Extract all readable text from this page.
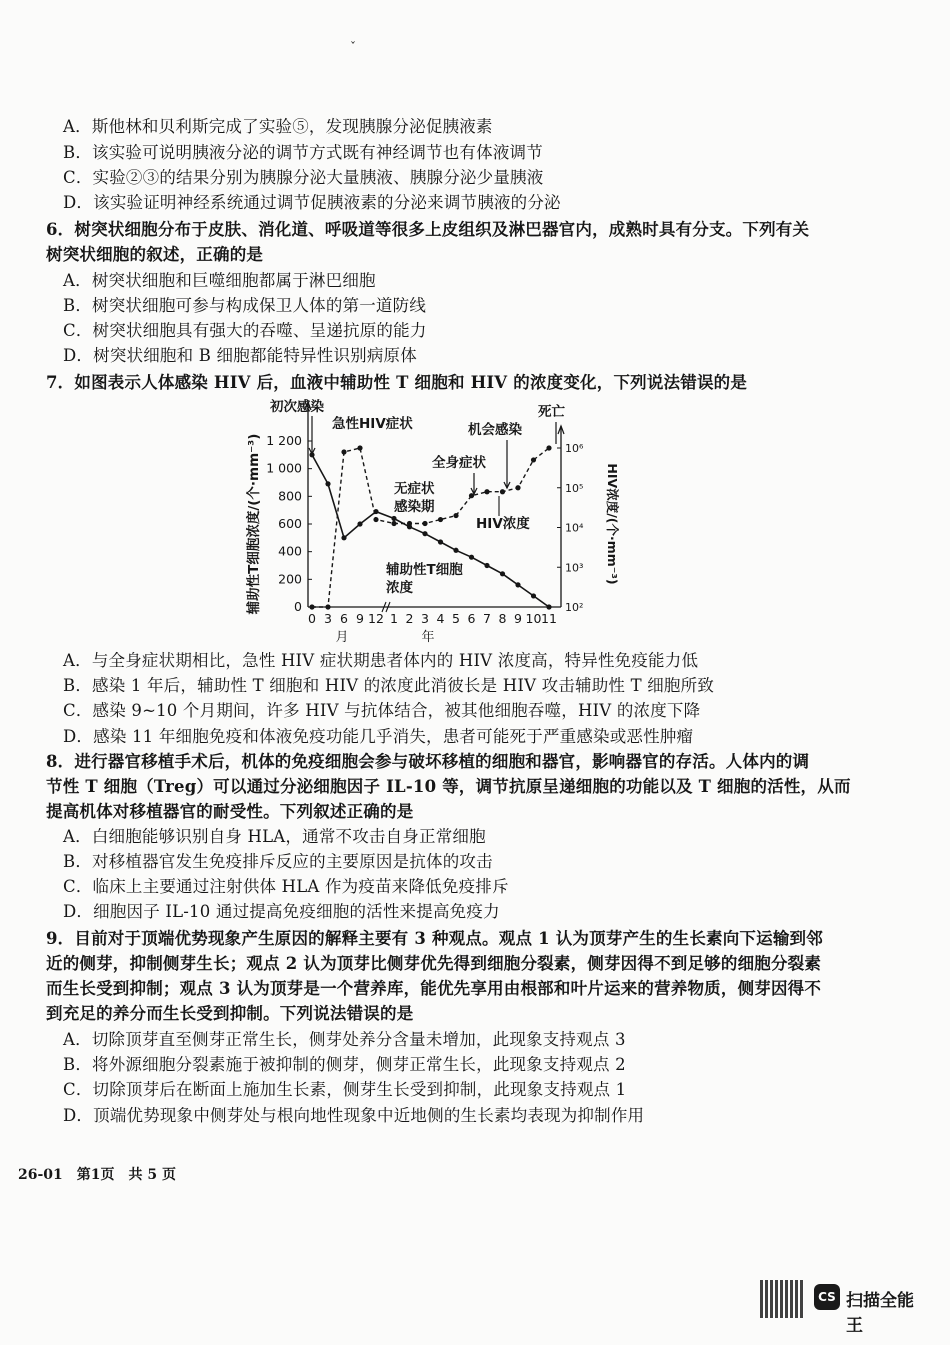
ˇ
A．斯他林和贝利斯完成了实验⑤，发现胰腺分泌促胰液素
B．该实验可说明胰液分泌的调节方式既有神经调节也有体液调节
C．实验②③的结果分别为胰腺分泌大量胰液、胰腺分泌少量胰液
D．该实验证明神经系统通过调节促胰液素的分泌来调节胰液的分泌
6．树突状细胞分布于皮肤、消化道、呼吸道等很多上皮组织及淋巴器官内，成熟时具有分支。下列有关
树突状细胞的叙述，正确的是
A．树突状细胞和巨噬细胞都属于淋巴细胞
B．树突状细胞可参与构成保卫人体的第一道防线
C．树突状细胞具有强大的吞噬、呈递抗原的能力
D．树突状细胞和 B 细胞都能特异性识别病原体
7．如图表示人体感染 HIV 后，血液中辅助性 T 细胞和 HIV 的浓度变化，下列说法错误的是
0
200
400
600
800
1 000
1 200
10²
10³
10⁴
10⁵
10⁶
0 3 6 9 12 1 2 3 4 5 6 7 8 9 10 11
月	年
辅助性T细胞浓度/(个·mm⁻³)	HIV浓度/(个·mm⁻³)
初次感染
急性HIV症状
全身症状
机会感染
死亡
无症状
感染期
HIV浓度
辅助性T细胞
浓度
A．与全身症状期相比，急性 HIV 症状期患者体内的 HIV 浓度高，特异性免疫能力低
B．感染 1 年后，辅助性 T 细胞和 HIV 的浓度此消彼长是 HIV 攻击辅助性 T 细胞所致
C．感染 9~10 个月期间，许多 HIV 与抗体结合，被其他细胞吞噬，HIV 的浓度下降
D．感染 11 年细胞免疫和体液免疫功能几乎消失，患者可能死于严重感染或恶性肿瘤
8．进行器官移植手术后，机体的免疫细胞会参与破坏移植的细胞和器官，影响器官的存活。人体内的调
节性 T 细胞（Treg）可以通过分泌细胞因子 IL-10 等，调节抗原呈递细胞的功能以及 T 细胞的活性，从而
提高机体对移植器官的耐受性。下列叙述正确的是
A．白细胞能够识别自身 HLA，通常不攻击自身正常细胞
B．对移植器官发生免疫排斥反应的主要原因是抗体的攻击
C．临床上主要通过注射供体 HLA 作为疫苗来降低免疫排斥
D．细胞因子 IL-10 通过提高免疫细胞的活性来提高免疫力
9．目前对于顶端优势现象产生原因的解释主要有 3 种观点。观点 1 认为顶芽产生的生长素向下运输到邻
近的侧芽，抑制侧芽生长；观点 2 认为顶芽比侧芽优先得到细胞分裂素，侧芽因得不到足够的细胞分裂素
而生长受到抑制；观点 3 认为顶芽是一个营养库，能优先享用由根部和叶片运来的营养物质，侧芽因得不
到充足的养分而生长受到抑制。下列说法错误的是
A．切除顶芽直至侧芽正常生长，侧芽处养分含量未增加，此现象支持观点 3
B．将外源细胞分裂素施于被抑制的侧芽，侧芽正常生长，此现象支持观点 2
C．切除顶芽后在断面上施加生长素，侧芽生长受到抑制，此现象支持观点 1
D．顶端优势现象中侧芽处与根向地性现象中近地侧的生长素均表现为抑制作用
26-01　第1页　共 5 页
CS 扫描全能王
